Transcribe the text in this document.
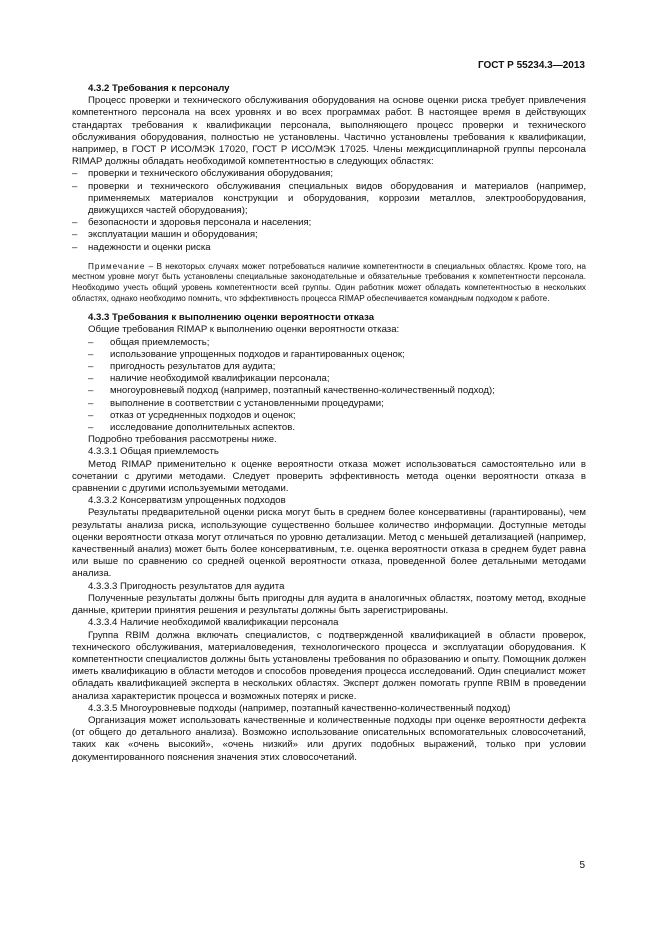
ГОСТ Р 55234.3—2013

4.3.2 Требования к персоналу

Процесс проверки и технического обслуживания оборудования на основе оценки риска требует привлечения компетентного персонала на всех уровнях и во всех программах работ. В настоящее время в действующих стандартах требования к квалификации персонала, выполняющего процесс проверки и технического обслуживания оборудования, полностью не установлены. Частично установлены требования к квалификации, например, в ГОСТ Р ИСО/МЭК 17020, ГОСТ Р ИСО/МЭК 17025. Члены междисциплинарной группы персонала RIMAP должны обладать необходимой компетентностью в следующих областях:

– проверки и технического обслуживания оборудования;
– проверки и технического обслуживания специальных видов оборудования и материалов (например, применяемых материалов конструкции и оборудования, коррозии металлов, электрооборудования, движущихся частей оборудования);
– безопасности и здоровья персонала и населения;
– эксплуатации машин и оборудования;
– надежности и оценки риска

Примечание – В некоторых случаях может потребоваться наличие компетентности в специальных областях. Кроме того, на местном уровне могут быть установлены специальные законодательные и обязательные требования к компетентности персонала. Необходимо учесть общий уровень компетентности всей группы. Один работник может обладать компетентностью в нескольких областях, однако необходимо помнить, что эффективность процесса RIMAP обеспечивается командным подходом к работе.

4.3.3 Требования к выполнению оценки вероятности отказа

Общие требования RIMAP к выполнению оценки вероятности отказа:

– общая приемлемость;
– использование упрощенных подходов и гарантированных оценок;
– пригодность результатов для аудита;
– наличие необходимой квалификации персонала;
– многоуровневый подход (например, поэтапный качественно-количественный подход);
– выполнение в соответствии с установленными процедурами;
– отказ от усредненных подходов и оценок;
– исследование дополнительных аспектов.

Подробно требования рассмотрены ниже.

4.3.3.1 Общая приемлемость

Метод RIMAP применительно к оценке вероятности отказа может использоваться самостоятельно или в сочетании с другими методами. Следует проверить эффективность метода оценки вероятности отказа в сравнении с другими используемыми методами.

4.3.3.2 Консерватизм упрощенных подходов

Результаты предварительной оценки риска могут быть в среднем более консервативны (гарантированы), чем результаты анализа риска, использующие существенно большее количество информации. Доступные методы оценки вероятности отказа могут отличаться по уровню детализации. Метод с меньшей детализацией (например, качественный анализ) может быть более консервативным, т.е. оценка вероятности отказа в среднем будет равна или выше по сравнению со средней оценкой вероятности отказа, проведенной более детальными методами анализа.

4.3.3.3 Пригодность результатов для аудита

Полученные результаты должны быть пригодны для аудита в аналогичных областях, поэтому метод, входные данные, критерии принятия решения и результаты должны быть зарегистрированы.

4.3.3.4 Наличие необходимой квалификации персонала

Группа RBIM должна включать специалистов, с подтвержденной квалификацией в области проверок, технического обслуживания, материаловедения, технологического процесса и эксплуатации оборудования. К компетентности специалистов должны быть установлены требования по образованию и опыту. Помощник должен иметь квалификацию в области методов и способов проведения процесса исследований. Один специалист может обладать квалификацией эксперта в нескольких областях. Эксперт должен помогать группе RBIM в проведении анализа характеристик процесса и возможных потерях и риске.

4.3.3.5 Многоуровневые подходы (например, поэтапный качественно-количественный подход)

Организация может использовать качественные и количественные подходы при оценке вероятности дефекта (от общего до детального анализа). Возможно использование описательных вспомогательных словосочетаний, таких как «очень высокий», «очень низкий» или других подобных выражений, только при условии документированного пояснения значения этих словосочетаний.

5
